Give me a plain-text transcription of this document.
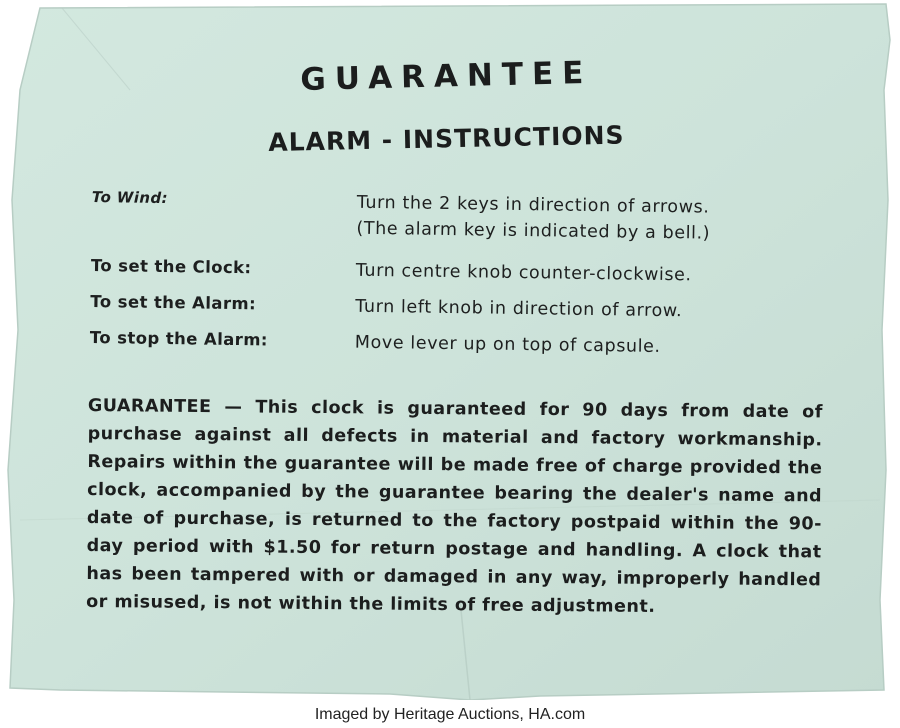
GUARANTEE
ALARM - INSTRUCTIONS
To Wind:	Turn the 2 keys in direction of arrows.
(The alarm key is indicated by a bell.)
To set the Clock:	Turn centre knob counter-clockwise.
To set the Alarm:	Turn left knob in direction of arrow.
To stop the Alarm:	Move lever up on top of capsule.
GUARANTEE — This clock is guaranteed for 90 days from date of purchase against all defects in material and factory workmanship. Repairs within the guarantee will be made free of charge provided the clock, accompanied by the guarantee bearing the dealer's name and date of purchase, is returned to the factory postpaid within the 90-day period with $1.50 for return postage and handling. A clock that has been tampered with or damaged in any way, improperly handled or misused, is not within the limits of free adjustment.
Imaged by Heritage Auctions, HA.com
